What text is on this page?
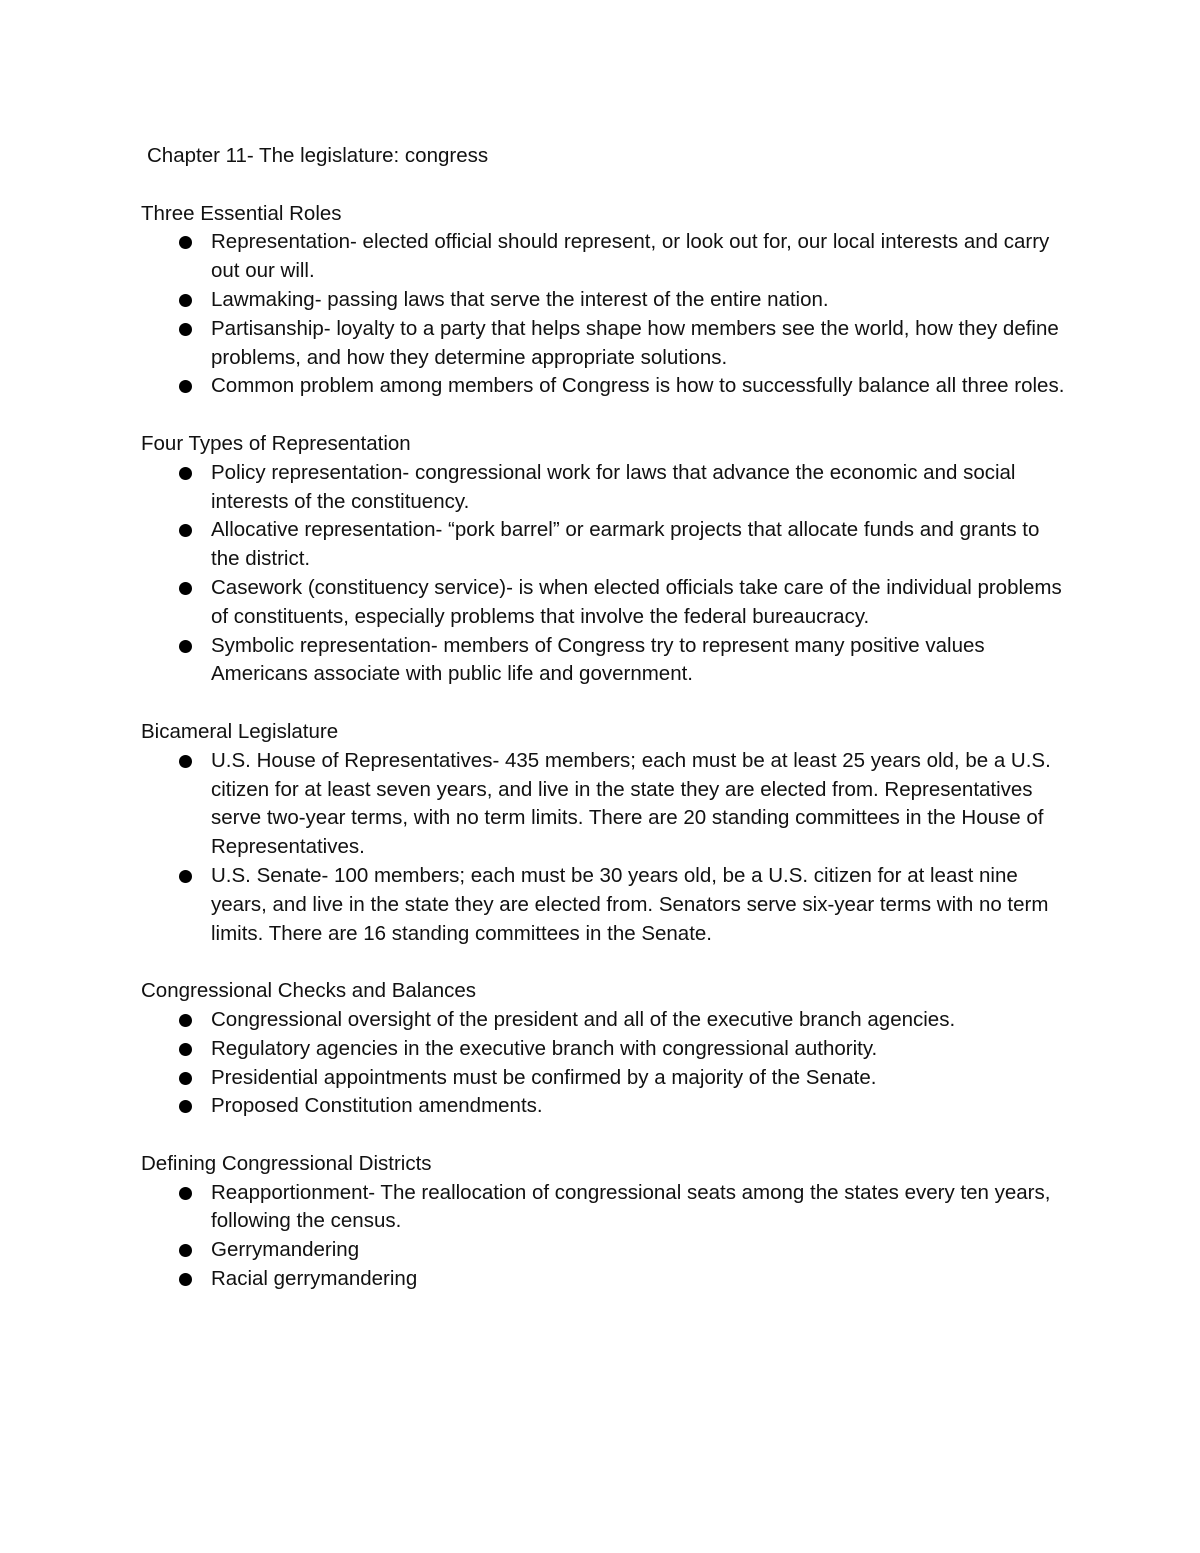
Chapter 11- The legislature: congress
Three Essential Roles
Representation- elected official should represent, or look out for, our local interests and carry out our will.
Lawmaking- passing laws that serve the interest of the entire nation.
Partisanship- loyalty to a party that helps shape how members see the world, how they define problems, and how they determine appropriate solutions.
Common problem among members of Congress is how to successfully balance all three roles.
Four Types of Representation
Policy representation- congressional work for laws that advance the economic and social interests of the constituency.
Allocative representation- “pork barrel” or earmark projects that allocate funds and grants to the district.
Casework (constituency service)- is when elected officials take care of the individual problems of constituents, especially problems that involve the federal bureaucracy.
Symbolic representation- members of Congress try to represent many positive values Americans associate with public life and government.
Bicameral Legislature
U.S. House of Representatives- 435 members; each must be at least 25 years old, be a U.S. citizen for at least seven years, and live in the state they are elected from. Representatives serve two-year terms, with no term limits. There are 20 standing committees in the House of Representatives.
U.S. Senate- 100 members; each must be 30 years old, be a U.S. citizen for at least nine years, and live in the state they are elected from. Senators serve six-year terms with no term limits. There are 16 standing committees in the Senate.
Congressional Checks and Balances
Congressional oversight of the president and all of the executive branch agencies.
Regulatory agencies in the executive branch with congressional authority.
Presidential appointments must be confirmed by a majority of the Senate.
Proposed Constitution amendments.
Defining Congressional Districts
Reapportionment- The reallocation of congressional seats among the states every ten years, following the census.
Gerrymandering
Racial gerrymandering
